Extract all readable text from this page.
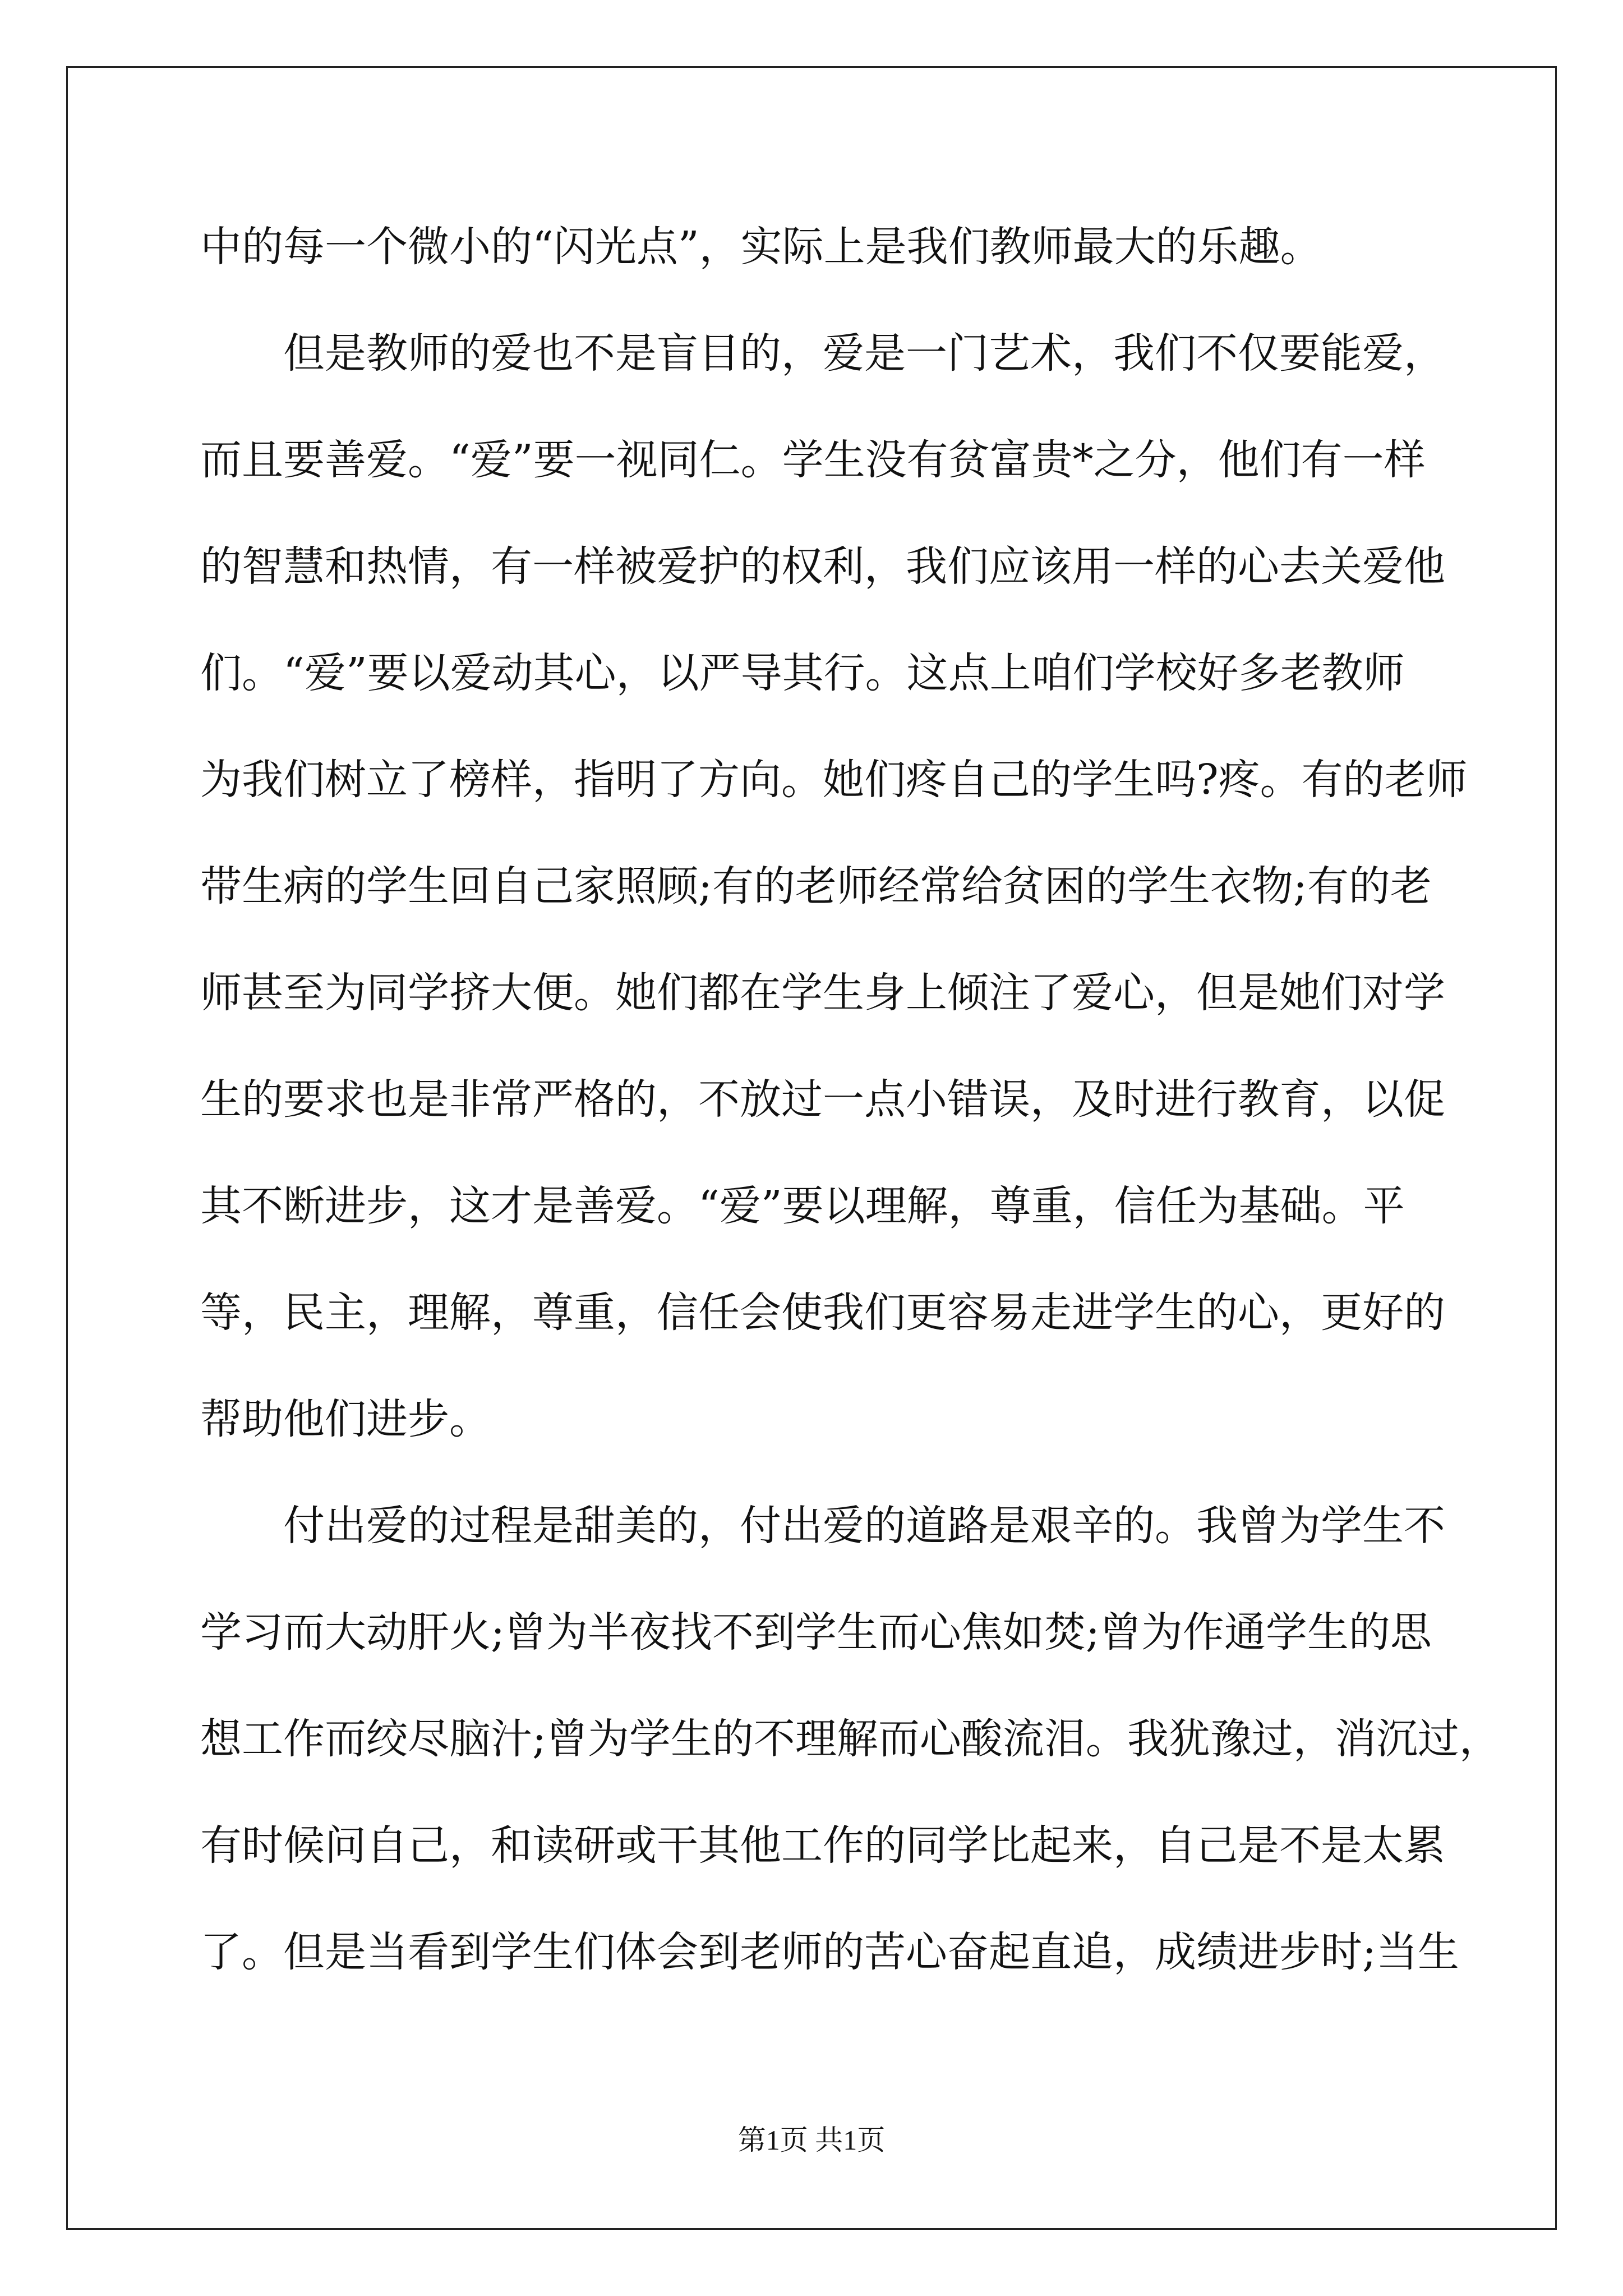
中的每一个微小的“闪光点”，实际上是我们教师最大的乐趣。
但是教师的爱也不是盲目的，爱是一门艺术，我们不仅要能爱，
而且要善爱。“爱”要一视同仁。学生没有贫富贵*之分，他们有一样
的智慧和热情，有一样被爱护的权利，我们应该用一样的心去关爱他
们。“爱”要以爱动其心，以严导其行。这点上咱们学校好多老教师
为我们树立了榜样，指明了方向。她们疼自己的学生吗?疼。有的老师
带生病的学生回自己家照顾;有的老师经常给贫困的学生衣物;有的老
师甚至为同学挤大便。她们都在学生身上倾注了爱心，但是她们对学
生的要求也是非常严格的，不放过一点小错误，及时进行教育，以促
其不断进步，这才是善爱。“爱”要以理解，尊重，信任为基础。平
等，民主，理解，尊重，信任会使我们更容易走进学生的心，更好的
帮助他们进步。
付出爱的过程是甜美的，付出爱的道路是艰辛的。我曾为学生不
学习而大动肝火;曾为半夜找不到学生而心焦如焚;曾为作通学生的思
想工作而绞尽脑汁;曾为学生的不理解而心酸流泪。我犹豫过，消沉过，
有时候问自己，和读研或干其他工作的同学比起来，自己是不是太累
了。但是当看到学生们体会到老师的苦心奋起直追，成绩进步时;当生
第1页 共1页
